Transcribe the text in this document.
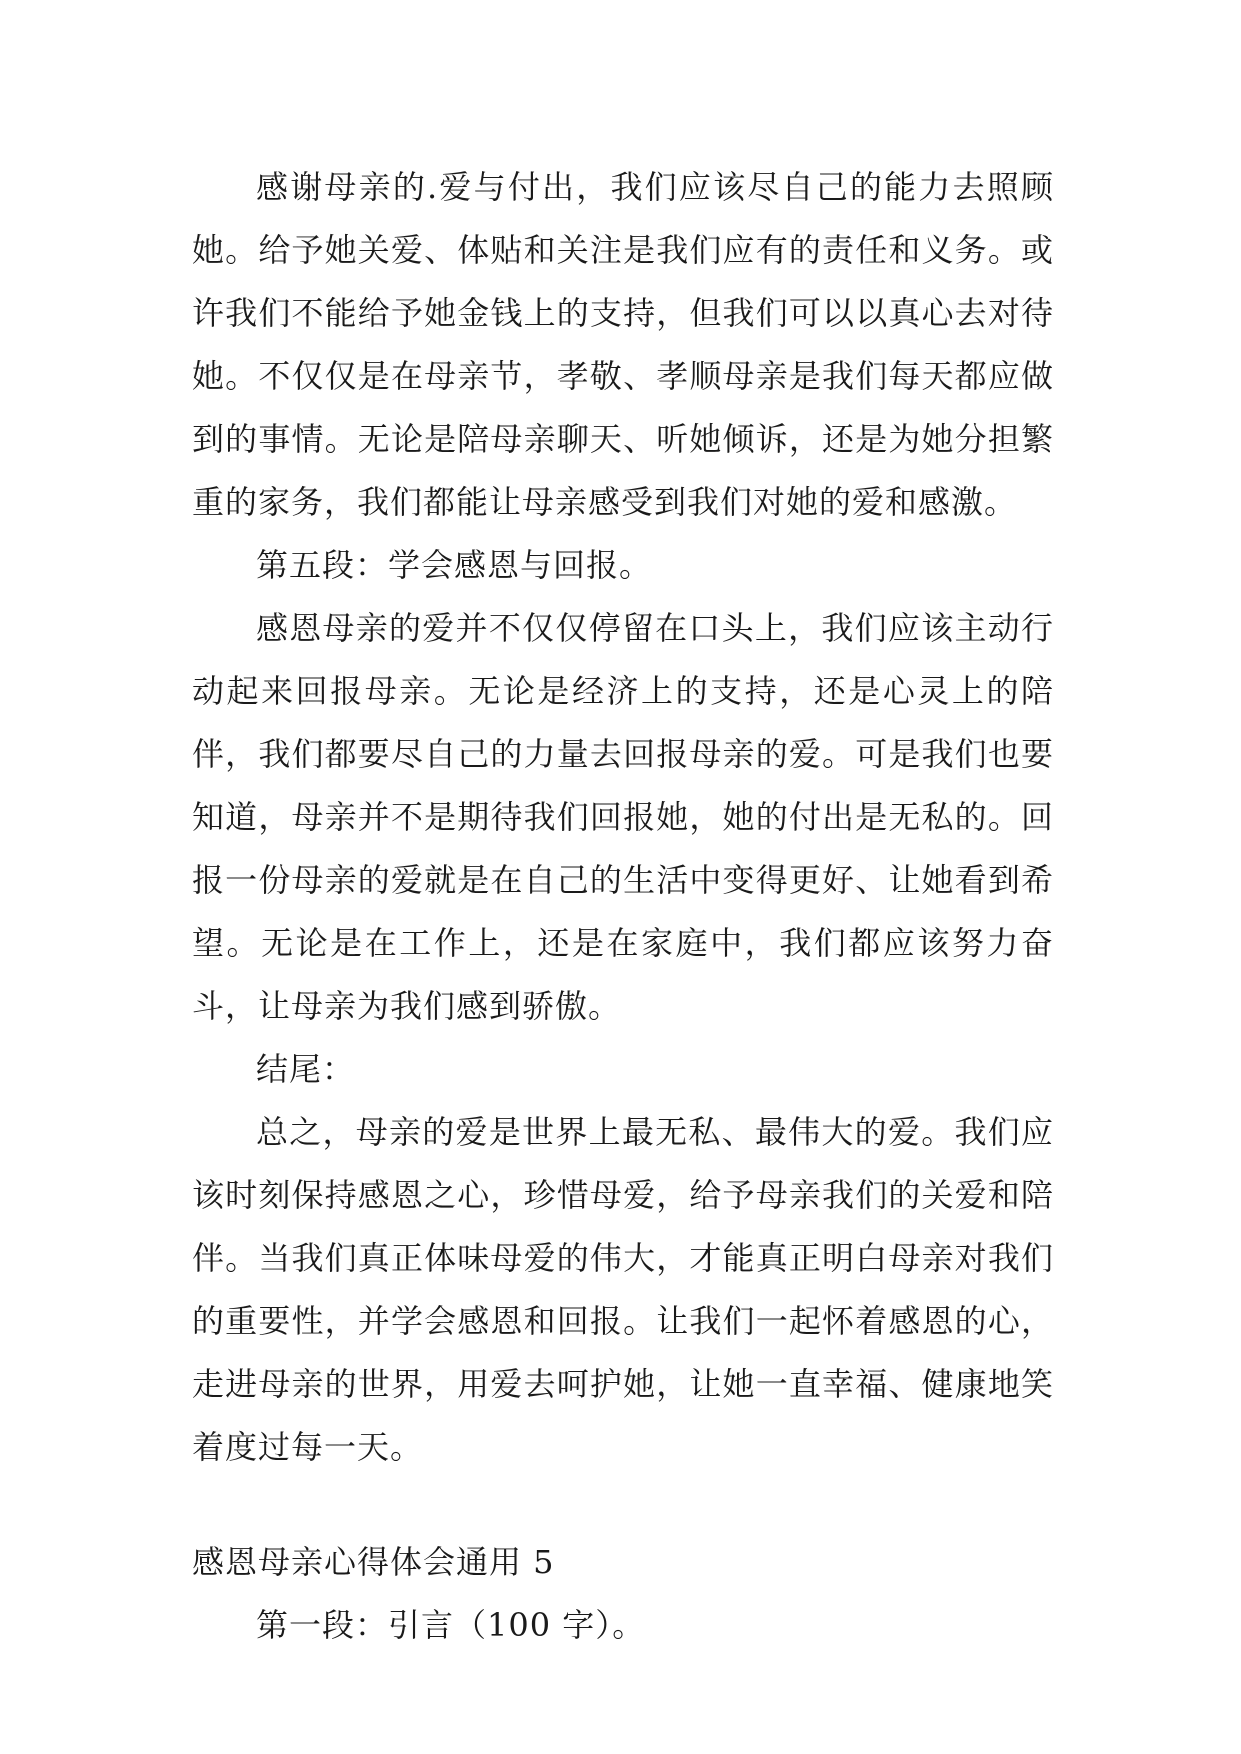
感谢母亲的.爱与付出，我们应该尽自己的能力去照顾她。给予她关爱、体贴和关注是我们应有的责任和义务。或许我们不能给予她金钱上的支持，但我们可以以真心去对待她。不仅仅是在母亲节，孝敬、孝顺母亲是我们每天都应做到的事情。无论是陪母亲聊天、听她倾诉，还是为她分担繁重的家务，我们都能让母亲感受到我们对她的爱和感激。

第五段：学会感恩与回报。

感恩母亲的爱并不仅仅停留在口头上，我们应该主动行动起来回报母亲。无论是经济上的支持，还是心灵上的陪伴，我们都要尽自己的力量去回报母亲的爱。可是我们也要知道，母亲并不是期待我们回报她，她的付出是无私的。回报一份母亲的爱就是在自己的生活中变得更好、让她看到希望。无论是在工作上，还是在家庭中，我们都应该努力奋斗，让母亲为我们感到骄傲。

结尾：

总之，母亲的爱是世界上最无私、最伟大的爱。我们应该时刻保持感恩之心，珍惜母爱，给予母亲我们的关爱和陪伴。当我们真正体味母爱的伟大，才能真正明白母亲对我们的重要性，并学会感恩和回报。让我们一起怀着感恩的心，走进母亲的世界，用爱去呵护她，让她一直幸福、健康地笑着度过每一天。

感恩母亲心得体会通用 5

第一段：引言（100 字）。
